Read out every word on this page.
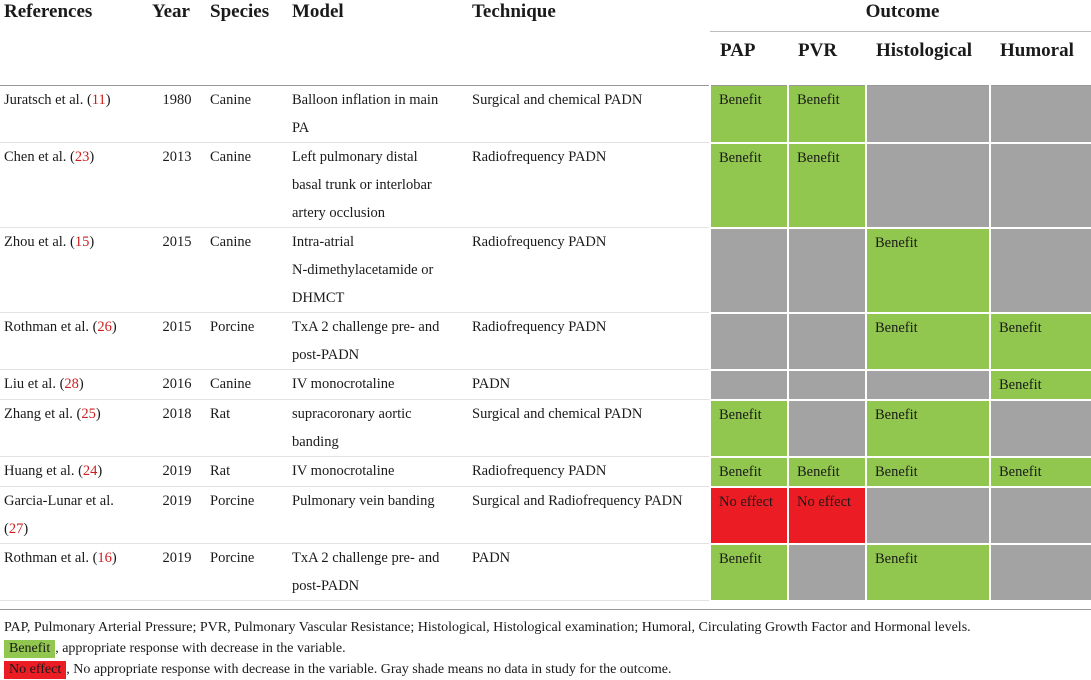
References	Year	Species	Model	Technique	Outcome			
					PAP	PVR	Histological	Humoral
Juratsch et al. (11)	1980	Canine	Balloon inflation in main
PA	Surgical and chemical PADN	Benefit	Benefit		
Chen et al. (23)	2013	Canine	Left pulmonary distal
basal trunk or interlobar
artery occlusion	Radiofrequency PADN	Benefit	Benefit		
Zhou et al. (15)	2015	Canine	Intra-atrial
N-dimethylacetamide or
DHMCT	Radiofrequency PADN			Benefit	
Rothman et al. (26)	2015	Porcine	TxA 2 challenge pre- and
post-PADN	Radiofrequency PADN			Benefit	Benefit
Liu et al. (28)	2016	Canine	IV monocrotaline	PADN				Benefit
Zhang et al. (25)	2018	Rat	supracoronary aortic
banding	Surgical and chemical PADN	Benefit		Benefit	
Huang et al. (24)	2019	Rat	IV monocrotaline	Radiofrequency PADN	Benefit	Benefit	Benefit	Benefit
Garcia-Lunar et al.
(27)	2019	Porcine	Pulmonary vein banding	Surgical and Radiofrequency PADN	No effect	No effect		
Rothman et al. (16)	2019	Porcine	TxA 2 challenge pre- and
post-PADN	PADN	Benefit		Benefit	

PAP, Pulmonary Arterial Pressure; PVR, Pulmonary Vascular Resistance; Histological, Histological examination; Humoral, Circulating Growth Factor and Hormonal levels.

Benefit , appropriate response with decrease in the variable.

No effect , No appropriate response with decrease in the variable. Gray shade means no data in study for the outcome.
